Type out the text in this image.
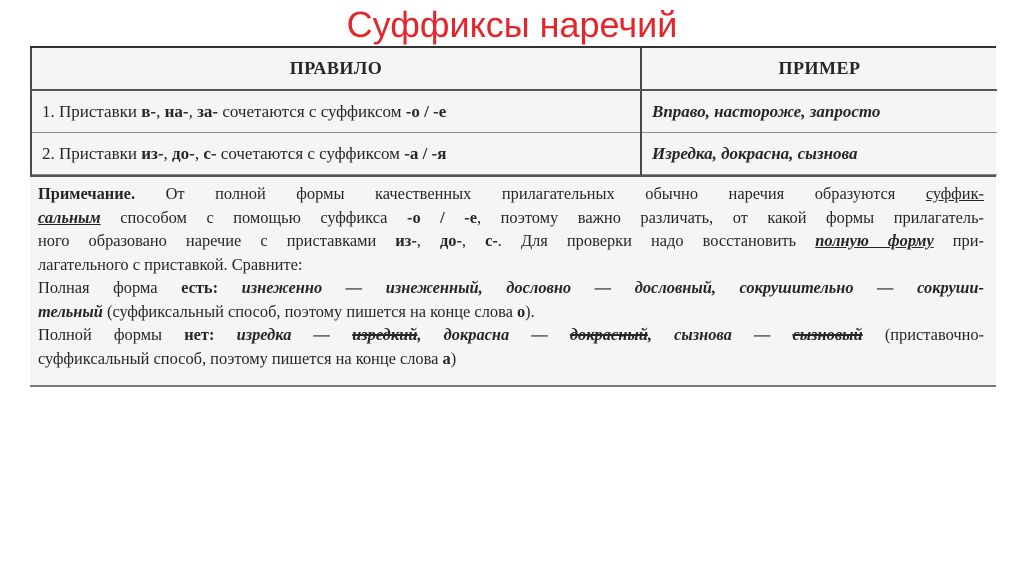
Суффиксы наречий
ПРАВИЛО	ПРИМЕР
1. Приставки в-, на-, за- сочетаются с суффиксом -о / -е	Вправо, настороже, запросто
2. Приставки из-, до-, с- сочетаются с суффиксом -а / -я	Изредка, докрасна, сызнова
Примечание. От полной формы качественных прилагательных обычно наречия образуются суффик-
сальным способом с помощью суффикса -о / -е, поэтому важно различать, от какой формы прилагатель-
ного образовано наречие с приставками из-, до-, с-. Для проверки надо восстановить полную форму при-
лагательного с приставкой. Сравните:
Полная форма есть: изнеженно — изнеженный, дословно — дословный, сокрушительно — сокруши-
тельный (суффиксальный способ, поэтому пишется на конце слова о).
Полной формы нет: изредка — изредкий, докрасна — докрасный, сызнова — сызновый (приставочно-
суффиксальный способ, поэтому пишется на конце слова а)
